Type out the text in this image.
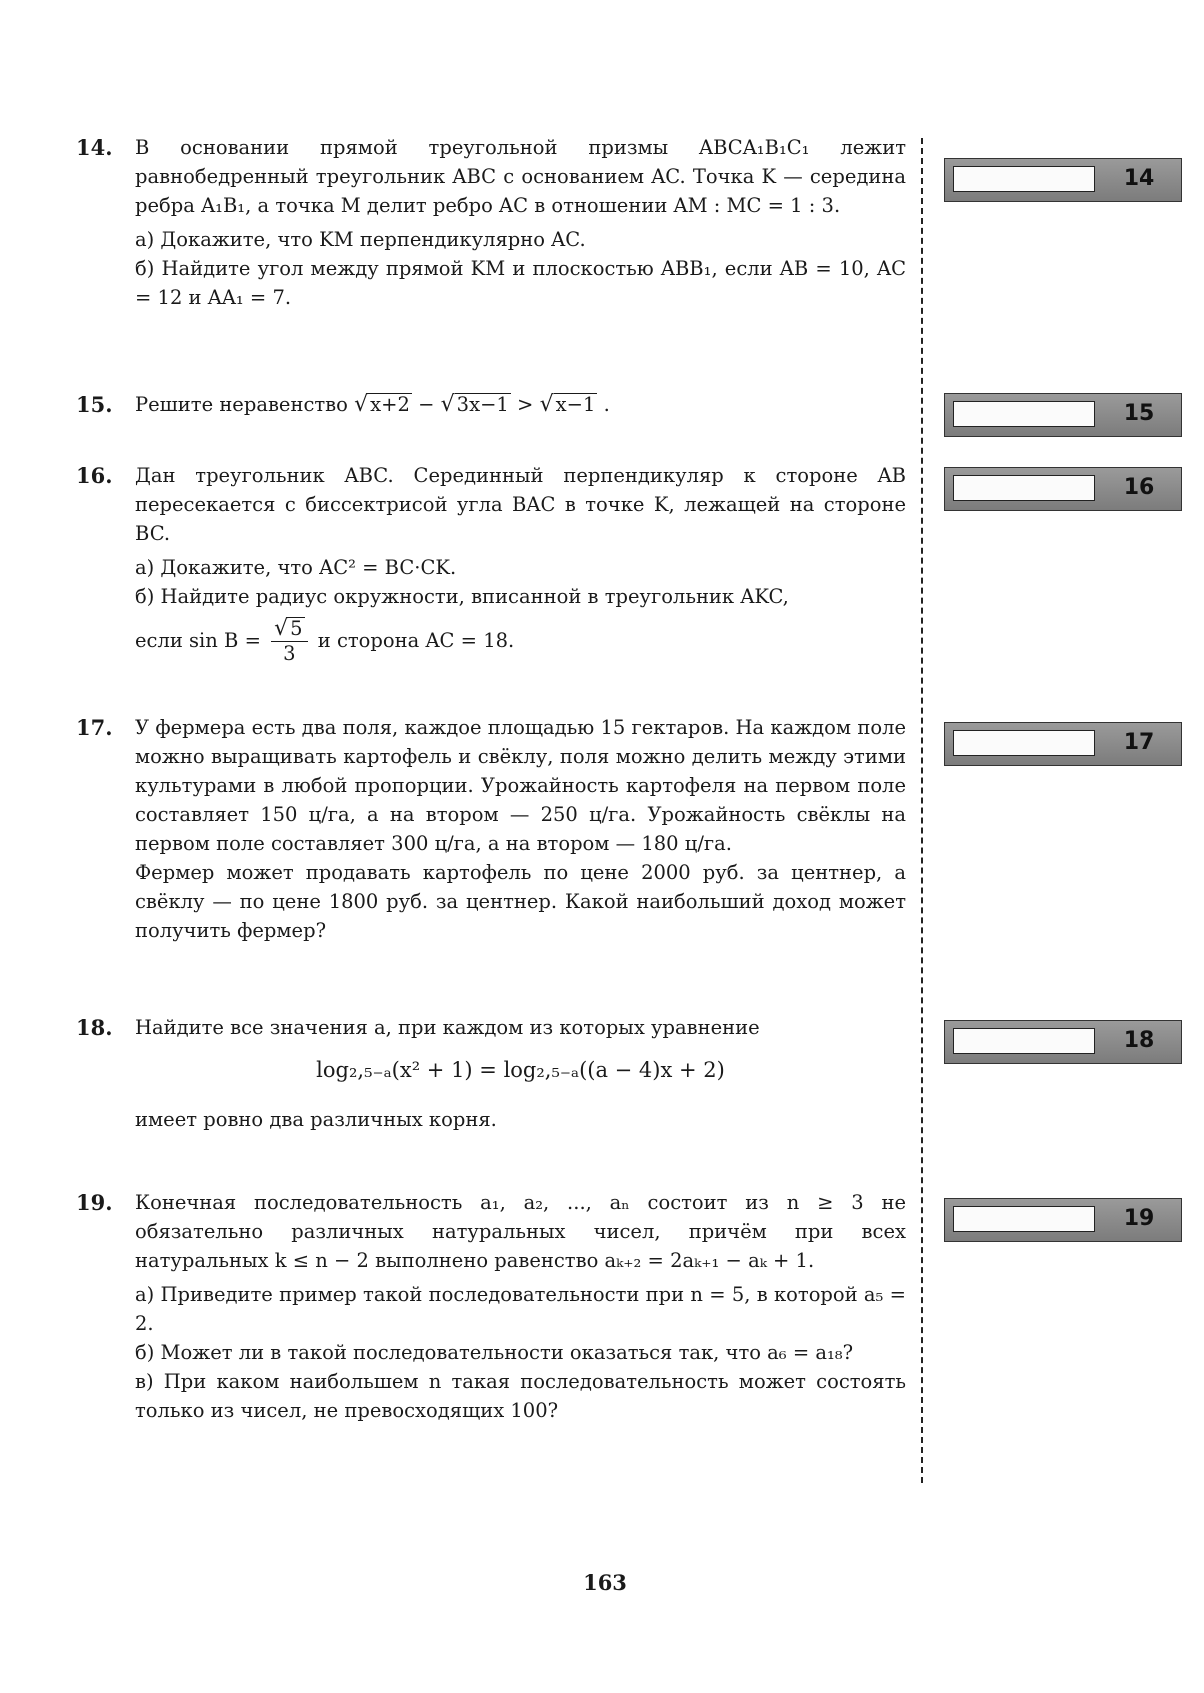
14. В основании прямой треугольной призмы ABCA₁B₁C₁ лежит равнобедренный треугольник ABC с основанием AC. Точка K — середина ребра A₁B₁, а точка M делит ребро AC в отношении AM : MC = 1 : 3.

а) Докажите, что KM перпендикулярно AC.

б) Найдите угол между прямой KM и плоскостью ABB₁, если AB = 10, AC = 12 и AA₁ = 7.

15. Решите неравенство √ x+2 − √ 3x−1 > √ x−1 .

16. Дан треугольник ABC. Серединный перпендикуляр к стороне AB пересекается с биссектрисой угла BAC в точке K, лежащей на стороне BC.

а) Докажите, что AC² = BC·CK.

б) Найдите радиус окружности, вписанной в треугольник AKC,

если $\sin B = \frac{√ 5}{3}$ и сторона AC = 18.

17. У фермера есть два поля, каждое площадью 15 гектаров. На каждом поле можно выращивать картофель и свёклу, поля можно делить между этими культурами в любой пропорции. Урожайность картофеля на первом поле составляет 150 ц/га, а на втором — 250 ц/га. Урожайность свёклы на первом поле составляет 300 ц/га, а на втором — 180 ц/га.

Фермер может продавать картофель по цене 2000 руб. за центнер, а свёклу — по цене 1800 руб. за центнер. Какой наибольший доход может получить фермер?

18. Найдите все значения a, при каждом из которых уравнение

log₂,₅₋ₐ(x² + 1) = log₂,₅₋ₐ((a − 4)x + 2)

имеет ровно два различных корня.

19. Конечная последовательность a₁, a₂, ..., aₙ состоит из n ≥ 3 не обязательно различных натуральных чисел, причём при всех натуральных k ≤ n − 2 выполнено равенство aₖ₊₂ = 2aₖ₊₁ − aₖ + 1.

а) Приведите пример такой последовательности при n = 5, в которой a₅ = 2.

б) Может ли в такой последовательности оказаться так, что a₆ = a₁₈?

в) При каком наибольшем n такая последовательность может состоять только из чисел, не превосходящих 100?

14
15
16
17
18
19
163
